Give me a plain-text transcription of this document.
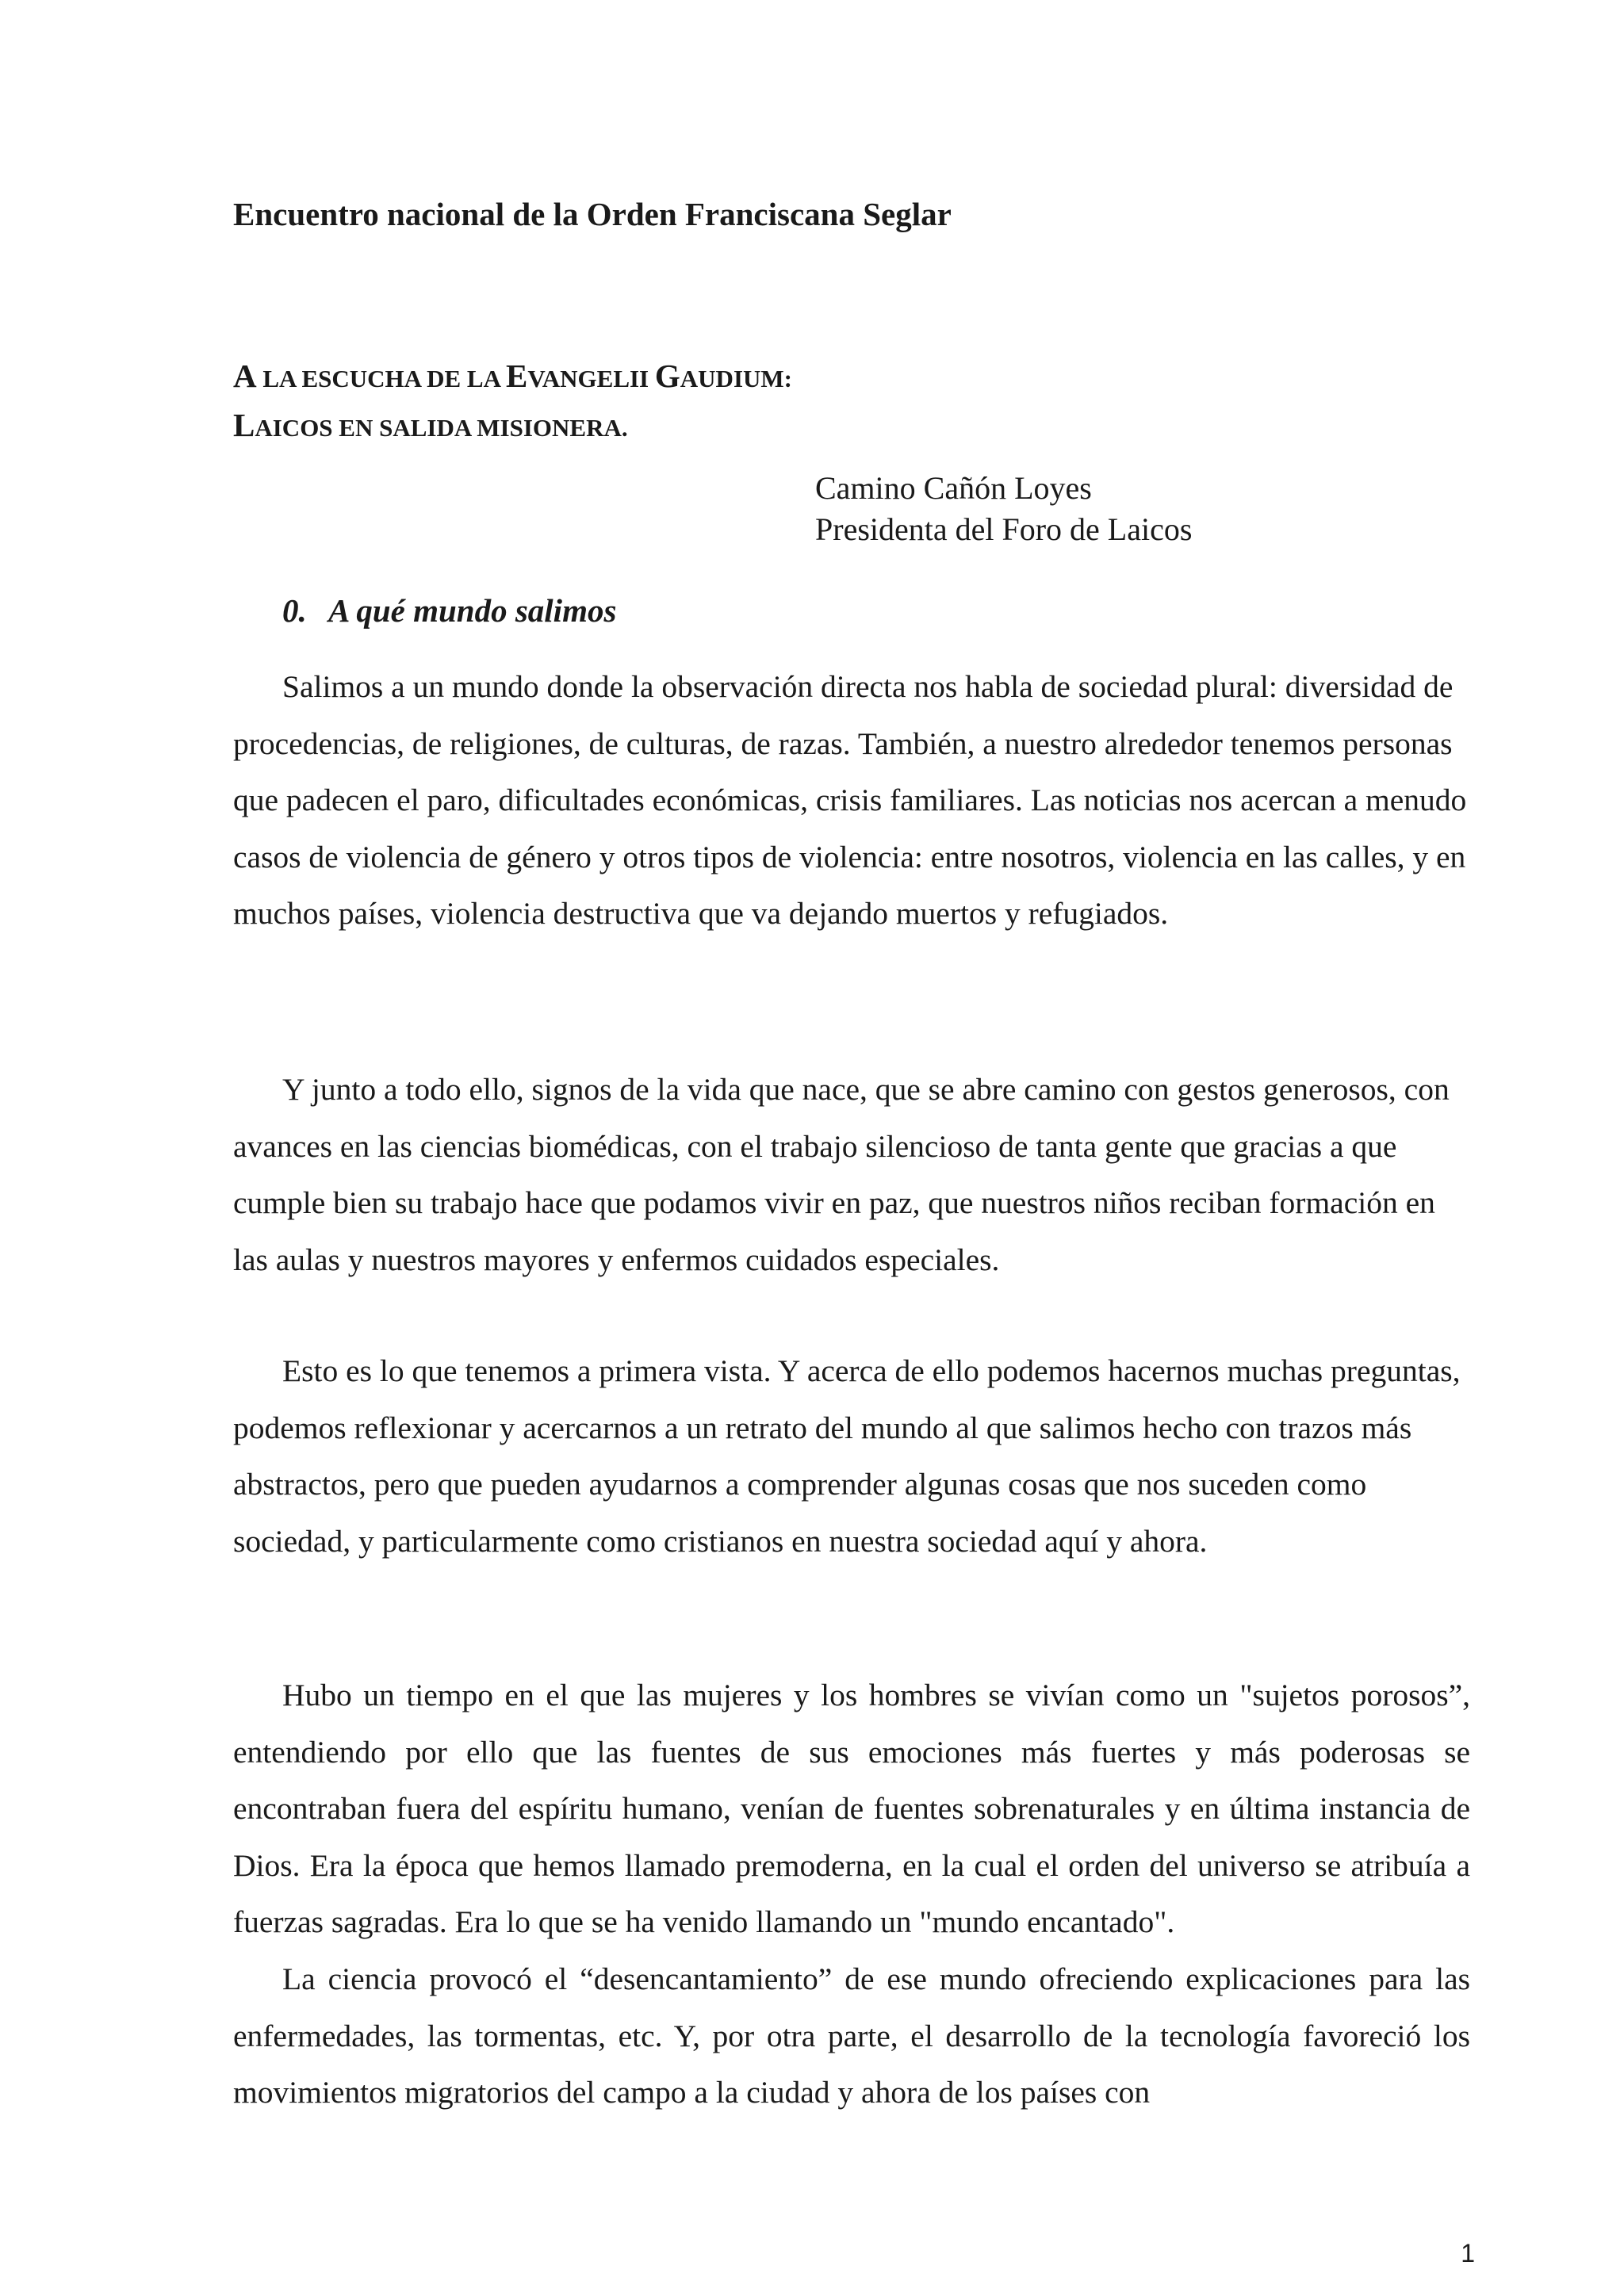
Encuentro nacional de la Orden Franciscana Seglar
A LA ESCUCHA DE LA EVANGELII GAUDIUM:
LAICOS EN SALIDA MISIONERA.
Camino Cañón Loyes
Presidenta del Foro de Laicos
0. A qué mundo salimos

Salimos a un mundo donde la observación directa nos habla de sociedad plural: diversidad de procedencias, de religiones, de culturas, de razas. También, a nuestro alrededor tenemos personas que padecen el paro, dificultades económicas, crisis familiares. Las noticias nos acercan a menudo casos de violencia de género y otros tipos de violencia: entre nosotros, violencia en las calles, y en muchos países, violencia destructiva que va dejando muertos y refugiados.

Y junto a todo ello, signos de la vida que nace, que se abre camino con gestos generosos, con avances en las ciencias biomédicas, con el trabajo silencioso de tanta gente que gracias a que cumple bien su trabajo hace que podamos vivir en paz, que nuestros niños reciban formación en las aulas y nuestros mayores y enfermos cuidados especiales.

Esto es lo que tenemos a primera vista. Y acerca de ello podemos hacernos muchas preguntas, podemos reflexionar y acercarnos a un retrato del mundo al que salimos hecho con trazos más abstractos, pero que pueden ayudarnos a comprender algunas cosas que nos suceden como sociedad, y particularmente como cristianos en nuestra sociedad aquí y ahora.

Hubo un tiempo en el que las mujeres y los hombres se vivían como un "sujetos porosos”, entendiendo por ello que las fuentes de sus emociones más fuertes y más poderosas se encontraban fuera del espíritu humano, venían de fuentes sobrenaturales y en última instancia de Dios. Era la época que hemos llamado premoderna, en la cual el orden del universo se atribuía a fuerzas sagradas. Era lo que se ha venido llamando un "mundo encantado".

La ciencia provocó el “desencantamiento” de ese mundo ofreciendo explicaciones para las enfermedades, las tormentas, etc. Y, por otra parte, el desarrollo de la tecnología favoreció los movimientos migratorios del campo a la ciudad y ahora de los países con

1
